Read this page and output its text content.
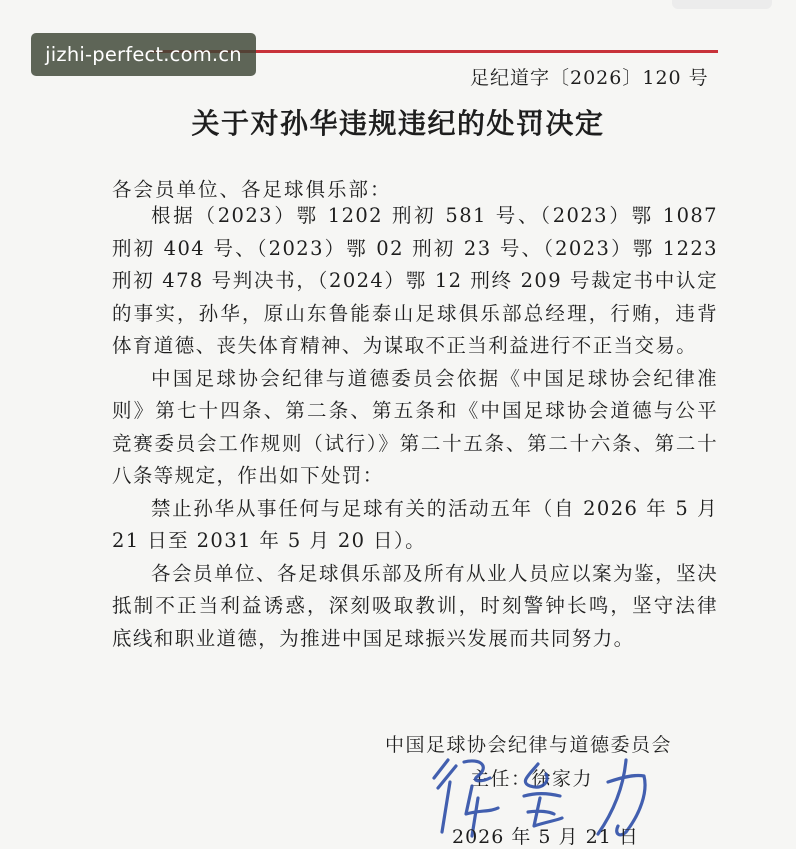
足纪道字〔2026〕120 号
关于对孙华违规违纪的处罚决定
各会员单位、各足球俱乐部：

根据（2023）鄂 1202 刑初 581 号、（2023）鄂 1087 刑初 404 号、（2023）鄂 02 刑初 23 号、（2023）鄂 1223 刑初 478 号判决书，（2024）鄂 12 刑终 209 号裁定书中认定的事实，孙华，原山东鲁能泰山足球俱乐部总经理，行贿，违背体育道德、丧失体育精神、为谋取不正当利益进行不正当交易。

中国足球协会纪律与道德委员会依据《中国足球协会纪律准则》第七十四条、第二条、第五条和《中国足球协会道德与公平竞赛委员会工作规则（试行）》第二十五条、第二十六条、第二十八条等规定，作出如下处罚：

禁止孙华从事任何与足球有关的活动五年（自 2026 年 5 月 21 日至 2031 年 5 月 20 日）。

各会员单位、各足球俱乐部及所有从业人员应以案为鉴，坚决抵制不正当利益诱惑，深刻吸取教训，时刻警钟长鸣，坚守法律底线和职业道德，为推进中国足球振兴发展而共同努力。

中国足球协会纪律与道德委员会
主任：徐家力
2026 年 5 月 21 日
jizhi-perfect.com.cn
